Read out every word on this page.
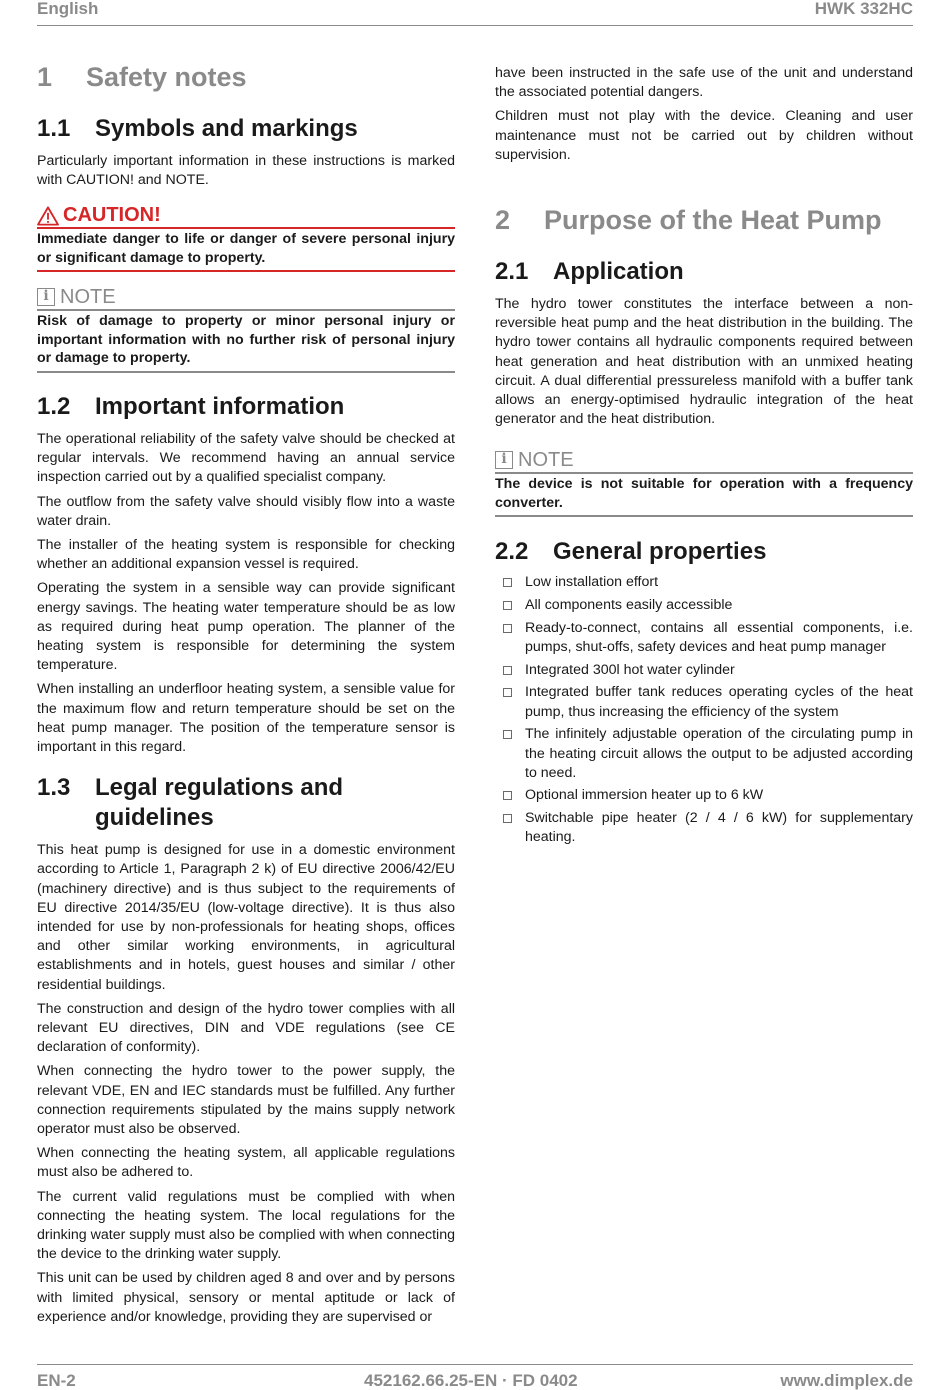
English	HWK 332HC
1	Safety notes
1.1	Symbols and markings

Particularly important information in these instructions is marked with CAUTION! and NOTE.

CAUTION!
Immediate danger to life or danger of severe personal injury or significant damage to property.
i NOTE
Risk of damage to property or minor personal injury or important information with no further risk of personal injury or damage to property.
1.2	Important information

The operational reliability of the safety valve should be checked at regular intervals. We recommend having an annual service inspection carried out by a qualified specialist company.

The outflow from the safety valve should visibly flow into a waste water drain.

The installer of the heating system is responsible for checking whether an additional expansion vessel is required.

Operating the system in a sensible way can provide significant energy savings. The heating water temperature should be as low as required during heat pump operation. The planner of the heating system is responsible for determining the system temperature.

When installing an underfloor heating system, a sensible value for the maximum flow and return temperature should be set on the heat pump manager. The position of the temperature sensor is important in this regard.

1.3	Legal regulations and guidelines

This heat pump is designed for use in a domestic environment according to Article 1, Paragraph 2 k) of EU directive 2006/42/EU (machinery directive) and is thus subject to the requirements of EU directive 2014/35/EU (low-voltage directive). It is thus also intended for use by non-professionals for heating shops, offices and other similar working environments, in agricultural establishments and in hotels, guest houses and similar / other residential buildings.

The construction and design of the hydro tower complies with all relevant EU directives, DIN and VDE regulations (see CE declaration of conformity).

When connecting the hydro tower to the power supply, the relevant VDE, EN and IEC standards must be fulfilled. Any further connection requirements stipulated by the mains supply network operator must also be observed.

When connecting the heating system, all applicable regulations must also be adhered to.

The current valid regulations must be complied with when connecting the heating system. The local regulations for the drinking water supply must also be complied with when connecting the device to the drinking water supply.

This unit can be used by children aged 8 and over and by persons with limited physical, sensory or mental aptitude or lack of experience and/or knowledge, providing they are supervised or

have been instructed in the safe use of the unit and understand the associated potential dangers.

Children must not play with the device. Cleaning and user maintenance must not be carried out by children without supervision.

2	Purpose of the Heat Pump
2.1	Application

The hydro tower constitutes the interface between a non-reversible heat pump and the heat distribution in the building. The hydro tower contains all hydraulic components required between heat generation and heat distribution with an unmixed heating circuit. A dual differential pressureless manifold with a buffer tank allows an energy-optimised hydraulic integration of the heat generator and the heat distribution.

i NOTE
The device is not suitable for operation with a frequency converter.
2.2	General properties
Low installation effort
All components easily accessible
Ready-to-connect, contains all essential components, i.e. pumps, shut-offs, safety devices and heat pump manager
Integrated 300l hot water cylinder
Integrated buffer tank reduces operating cycles of the heat pump, thus increasing the efficiency of the system
The infinitely adjustable operation of the circulating pump in the heating circuit allows the output to be adjusted according to need.
Optional immersion heater up to 6 kW
Switchable pipe heater (2 / 4 / 6 kW) for supplementary heating.
EN-2	452162.66.25-EN · FD 0402	www.dimplex.de
